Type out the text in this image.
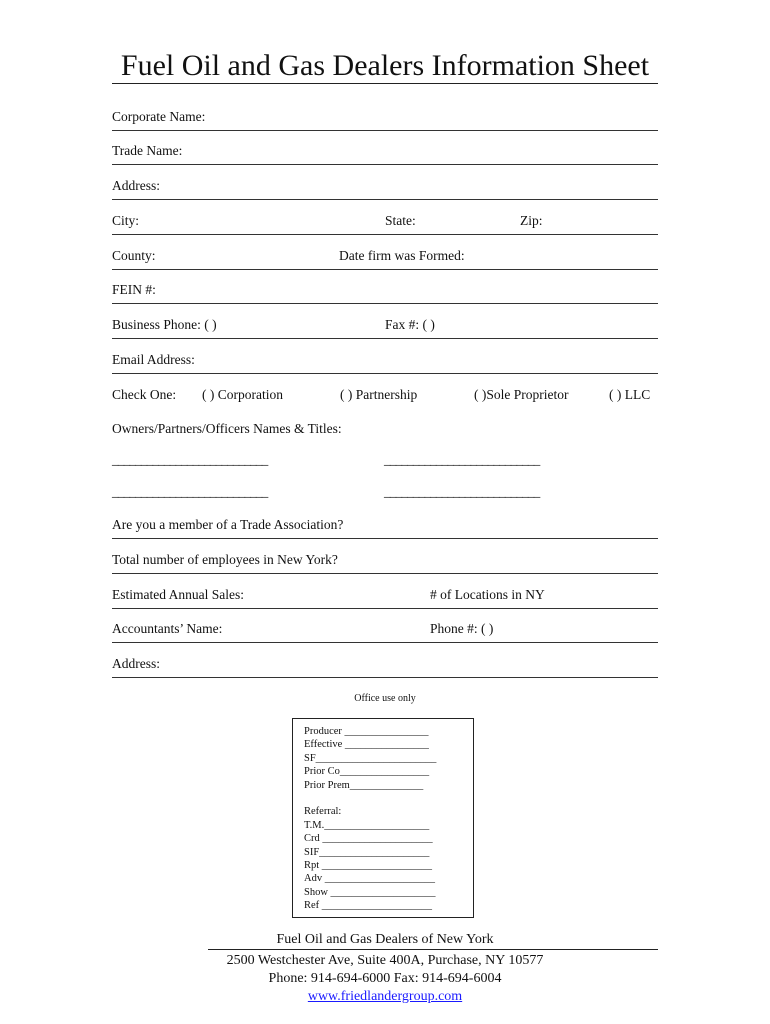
Fuel Oil and Gas Dealers Information Sheet
Corporate Name:
Trade Name:
Address:
City:	State:	Zip:
County:	Date firm was Formed:
FEIN #:
Business Phone: ( )	Fax #: ( )
Email Address:
Check One: ( ) Corporation	( ) Partnership	( )Sole Proprietor	( ) LLC
Owners/Partners/Officers Names & Titles:
___________________________	___________________________
___________________________	___________________________
Are you a member of a Trade Association?
Total number of employees in New York?
Estimated Annual Sales:	# of Locations in NY
Accountants’ Name:	Phone #: ( )
Address:
Office use only
Producer ________________
Effective ________________
SF_______________________
Prior Co_________________
Prior Prem______________
Referral:
T.M.____________________
Crd _____________________
SIF_____________________
Rpt _____________________
Adv _____________________
Show ____________________
Ref _____________________
Fuel Oil and Gas Dealers of New York
2500 Westchester Ave, Suite 400A, Purchase, NY 10577
Phone: 914-694-6000 Fax: 914-694-6004
www.friedlandergroup.com
